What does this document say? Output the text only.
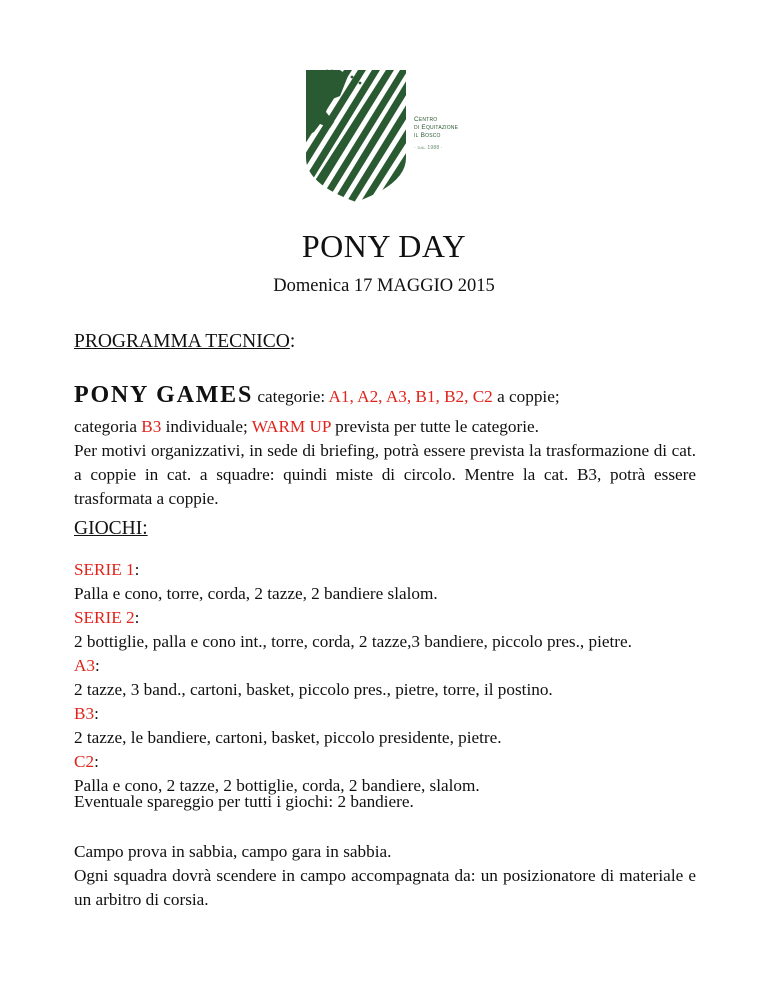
Centro
di Equitazione
il Bosco
· dal 1988 ·
PONY DAY
Domenica 17 MAGGIO 2015
PROGRAMMA TECNICO:
PONY GAMES categorie: A1, A2, A3, B1, B2, C2 a coppie;
categoria B3 individuale; WARM UP prevista per tutte le categorie.
Per motivi organizzativi, in sede di briefing, potrà essere prevista la trasformazione di cat. a coppie in cat. a squadre: quindi miste di circolo. Mentre la cat. B3, potrà essere trasformata a coppie.
GIOCHI:
SERIE 1:
Palla e cono, torre, corda, 2 tazze, 2 bandiere slalom.
SERIE 2:
2 bottiglie, palla e cono int., torre, corda, 2 tazze,3 bandiere, piccolo pres., pietre.
A3:
2 tazze, 3 band., cartoni, basket, piccolo pres., pietre, torre, il postino.
B3:
2 tazze, le bandiere, cartoni, basket, piccolo presidente, pietre.
C2:
Palla e cono, 2 tazze, 2 bottiglie, corda, 2 bandiere, slalom.
Eventuale spareggio per tutti i giochi: 2 bandiere.
Campo prova in sabbia, campo gara in sabbia.
Ogni squadra dovrà scendere in campo accompagnata da: un posizionatore di materiale e un arbitro di corsia.
